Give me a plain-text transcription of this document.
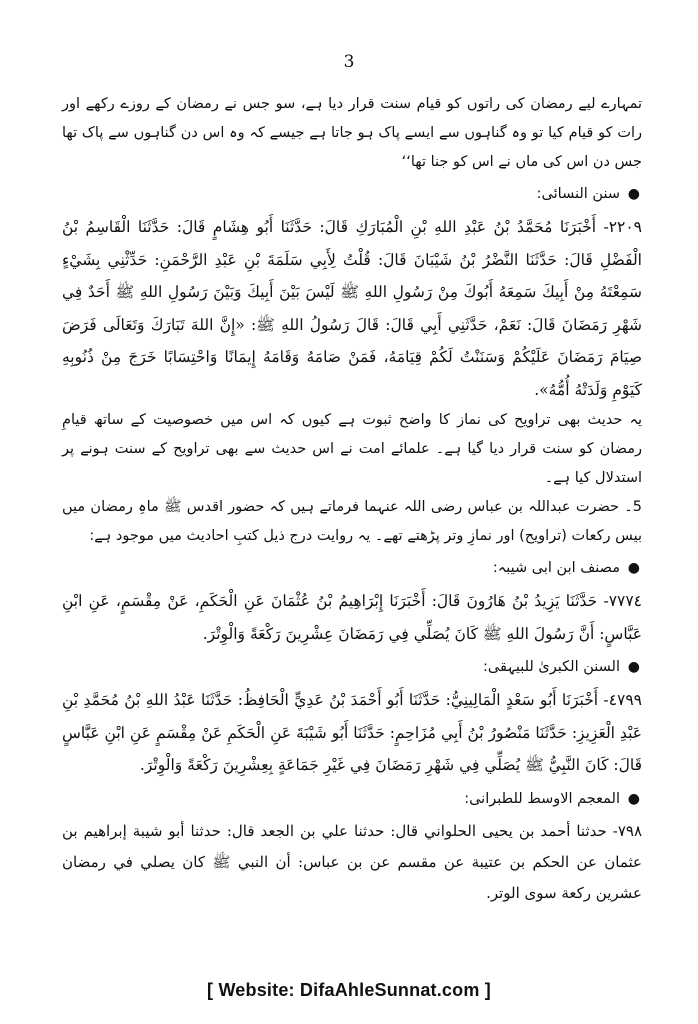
3

تمہارے لیے رمضان کی راتوں کو قیام سنت قرار دیا ہے، سو جس نے رمضان کے روزے رکھے اور رات کو قیام کیا تو وہ گناہوں سے ایسے پاک ہو جاتا ہے جیسے کہ وہ اس دن گناہوں سے پاک تھا جس دن اس کی ماں نے اس کو جنا تھا‘‘

●
سنن النسائی:

٢٢٠٩- أَخْبَرَنَا مُحَمَّدُ بْنُ عَبْدِ اللهِ بْنِ الْمُبَارَكِ قَالَ: حَدَّثَنَا أَبُو هِشَامٍ قَالَ: حَدَّثَنَا الْقَاسِمُ بْنُ الْفَضْلِ قَالَ: حَدَّثَنَا النَّضْرُ بْنُ شَيْبَانَ قَالَ: قُلْتُ لِأَبِي سَلَمَةَ بْنِ عَبْدِ الرَّحْمَنِ: حَدِّثْنِي بِشَيْءٍ سَمِعْتَهُ مِنْ أَبِيكَ سَمِعَهُ أَبُوكَ مِنْ رَسُولِ اللهِ ﷺ لَيْسَ بَيْنَ أَبِيكَ وَبَيْنَ رَسُولِ اللهِ ﷺ أَحَدٌ فِي شَهْرِ رَمَضَانَ قَالَ: نَعَمْ، حَدَّثَنِي أَبِي قَالَ: قَالَ رَسُولُ اللهِ ﷺ: «إِنَّ اللهَ تَبَارَكَ وَتَعَالَى فَرَضَ صِيَامَ رَمَضَانَ عَلَيْكُمْ وَسَنَنْتُ لَكُمْ قِيَامَهُ، فَمَنْ صَامَهُ وَقَامَهُ إِيمَانًا وَاحْتِسَابًا خَرَجَ مِنْ ذُنُوبِهِ كَيَوْمِ وَلَدَتْهُ أُمُّهُ».

یہ حدیث بھی تراویح کی نماز کا واضح ثبوت ہے کیوں کہ اس میں خصوصیت کے ساتھ قیامِ رمضان کو سنت قرار دیا گیا ہے۔ علمائے امت نے اس حدیث سے بھی تراویح کے سنت ہونے پر استدلال کیا ہے۔

5۔ حضرت عبداللہ بن عباس رضی اللہ عنہما فرماتے ہیں کہ حضور اقدس ﷺ ماہِ رمضان میں بیس رکعات (تراویح) اور نمازِ وتر پڑھتے تھے۔ یہ روایت درج ذیل کتبِ احادیث میں موجود ہے:

●
مصنف ابن ابی شیبہ:

٧٧٧٤- حَدَّثَنَا يَزِيدُ بْنُ هَارُونَ قَالَ: أَخْبَرَنَا إِبْرَاهِيمُ بْنُ عُثْمَانَ عَنِ الْحَكَمِ، عَنْ مِقْسَمٍ، عَنِ ابْنِ عَبَّاسٍ: أَنَّ رَسُولَ اللهِ ﷺ كَانَ يُصَلِّي فِي رَمَضَانَ عِشْرِينَ رَكْعَةً وَالْوِتْرَ.

●
السنن الکبریٰ للبیہقی:

٤٧٩٩- أَخْبَرَنَا أَبُو سَعْدٍ الْمَالِينِيُّ: حَدَّثَنَا أَبُو أَحْمَدَ بْنُ عَدِيٍّ الْحَافِظُ: حَدَّثَنَا عَبْدُ اللهِ بْنُ مُحَمَّدِ بْنِ عَبْدِ الْعَزِيزِ: حَدَّثَنَا مَنْصُورُ بْنُ أَبِي مُزَاحِمٍ: حَدَّثَنَا أَبُو شَيْبَةَ عَنِ الْحَكَمِ عَنْ مِقْسَمٍ عَنِ ابْنِ عَبَّاسٍ قَالَ: كَانَ النَّبِيُّ ﷺ يُصَلِّي فِي شَهْرِ رَمَضَانَ فِي غَيْرِ جَمَاعَةٍ بِعِشْرِينَ رَكْعَةً وَالْوِتْرَ.

●
المعجم الاوسط للطبرانی:

٧٩٨- حدثنا أحمد بن يحيى الحلواني قال: حدثنا علي بن الجعد قال: حدثنا أبو شيبة إبراهيم بن عثمان عن الحكم بن عتيبة عن مقسم عن بن عباس: أن النبي ﷺ كان يصلي في رمضان عشرين ركعة سوى الوتر.

[ Website: DifaAhleSunnat.com ]
